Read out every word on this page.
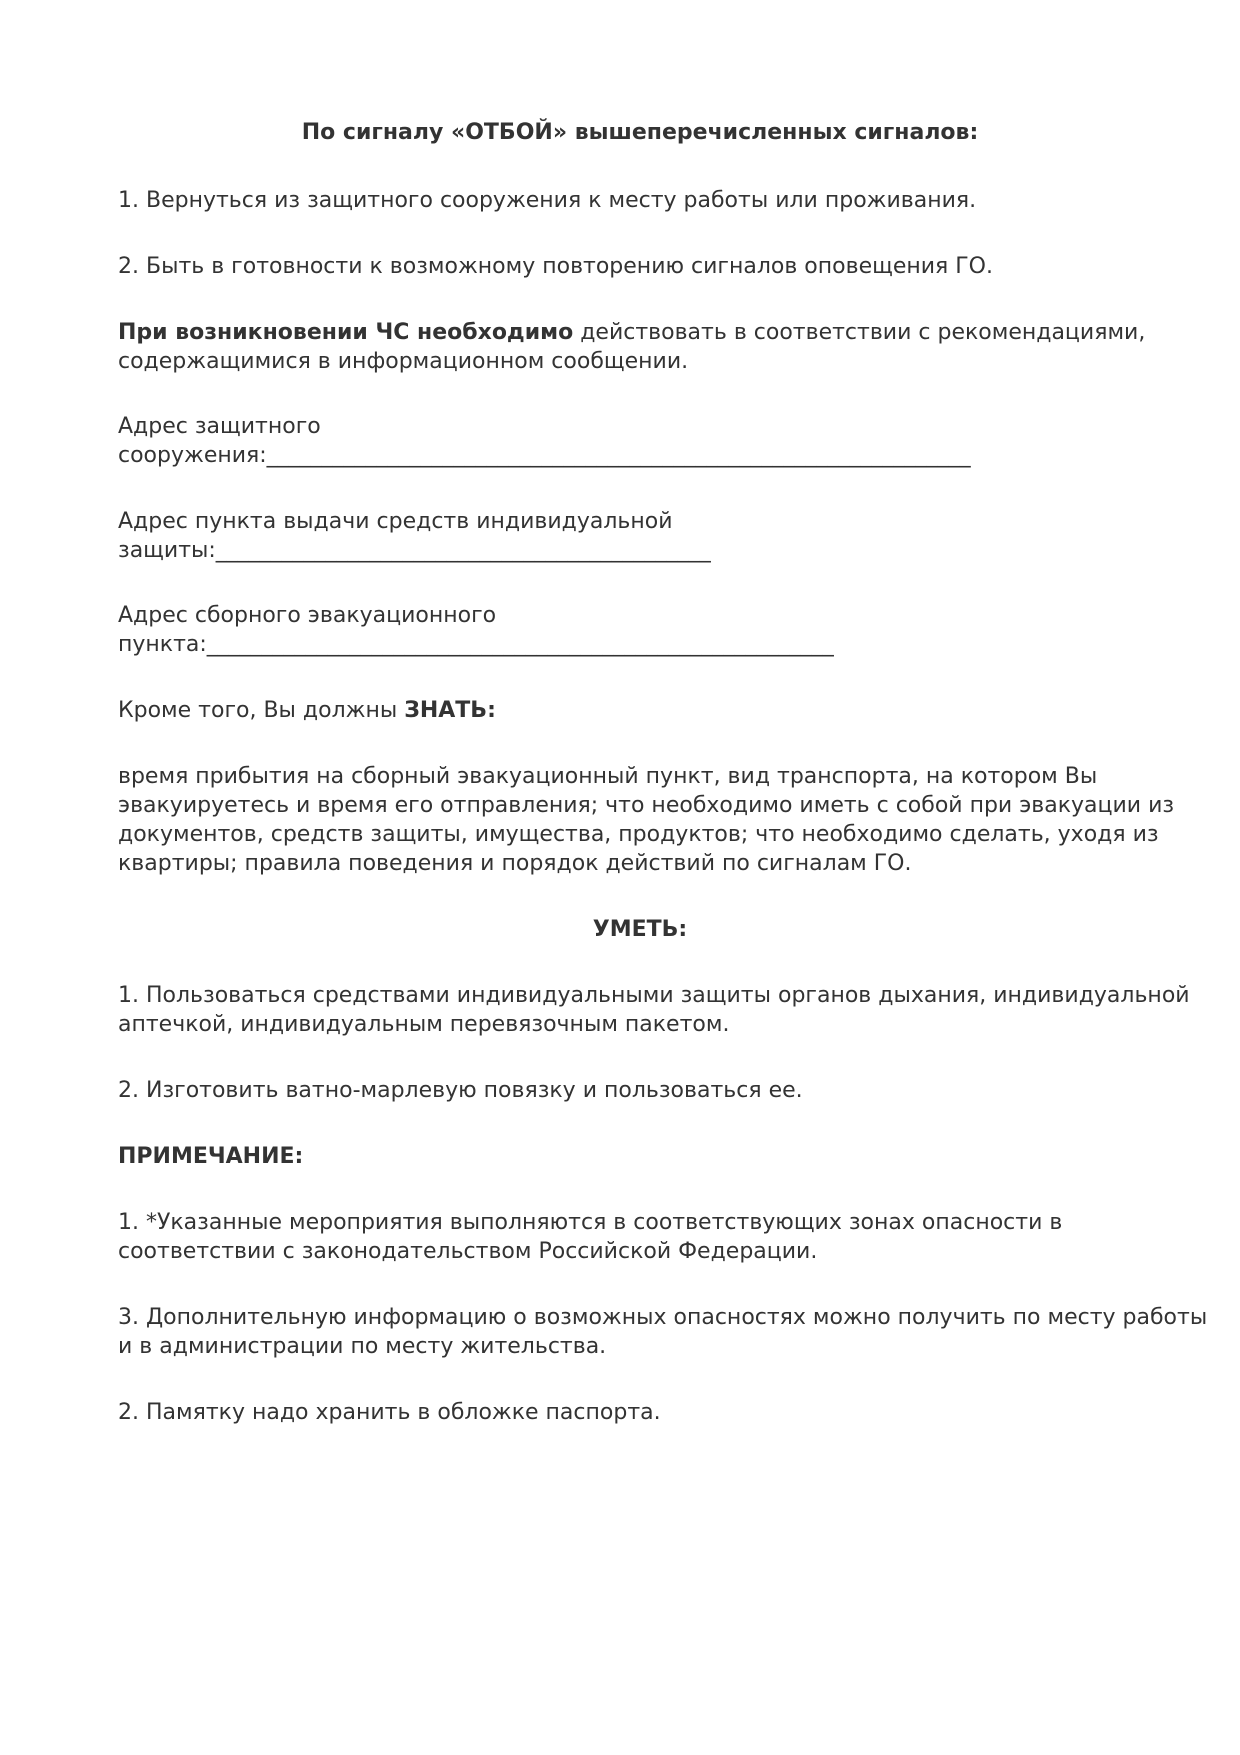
По сигналу «ОТБОЙ» вышеперечисленных сигналов:
1. Вернуться из защитного сооружения к месту работы или проживания.
2. Быть в готовности к возможному повторению сигналов оповещения ГО.
При возникновении ЧС необходимо действовать в соответствии с рекомендациями,
содержащимися в информационном сообщении.
Адрес защитного
сооружения:________________________________________________________________
Адрес пункта выдачи средств индивидуальной
защиты:_____________________________________________
Адрес сборного эвакуационного
пункта:_________________________________________________________
Кроме того, Вы должны ЗНАТЬ:
время прибытия на сборный эвакуационный пункт, вид транспорта, на котором Вы
эвакуируетесь и время его отправления; что необходимо иметь с собой при эвакуации из
документов, средств защиты, имущества, продуктов; что необходимо сделать, уходя из
квартиры; правила поведения и порядок действий по сигналам ГО.
УМЕТЬ:
1. Пользоваться средствами индивидуальными защиты органов дыхания, индивидуальной
аптечкой, индивидуальным перевязочным пакетом.
2. Изготовить ватно-марлевую повязку и пользоваться ее.
ПРИМЕЧАНИЕ:
1. *Указанные мероприятия выполняются в соответствующих зонах опасности в
соответствии с законодательством Российской Федерации.
3. Дополнительную информацию о возможных опасностях можно получить по месту работы
и в администрации по месту жительства.
2. Памятку надо хранить в обложке паспорта.
